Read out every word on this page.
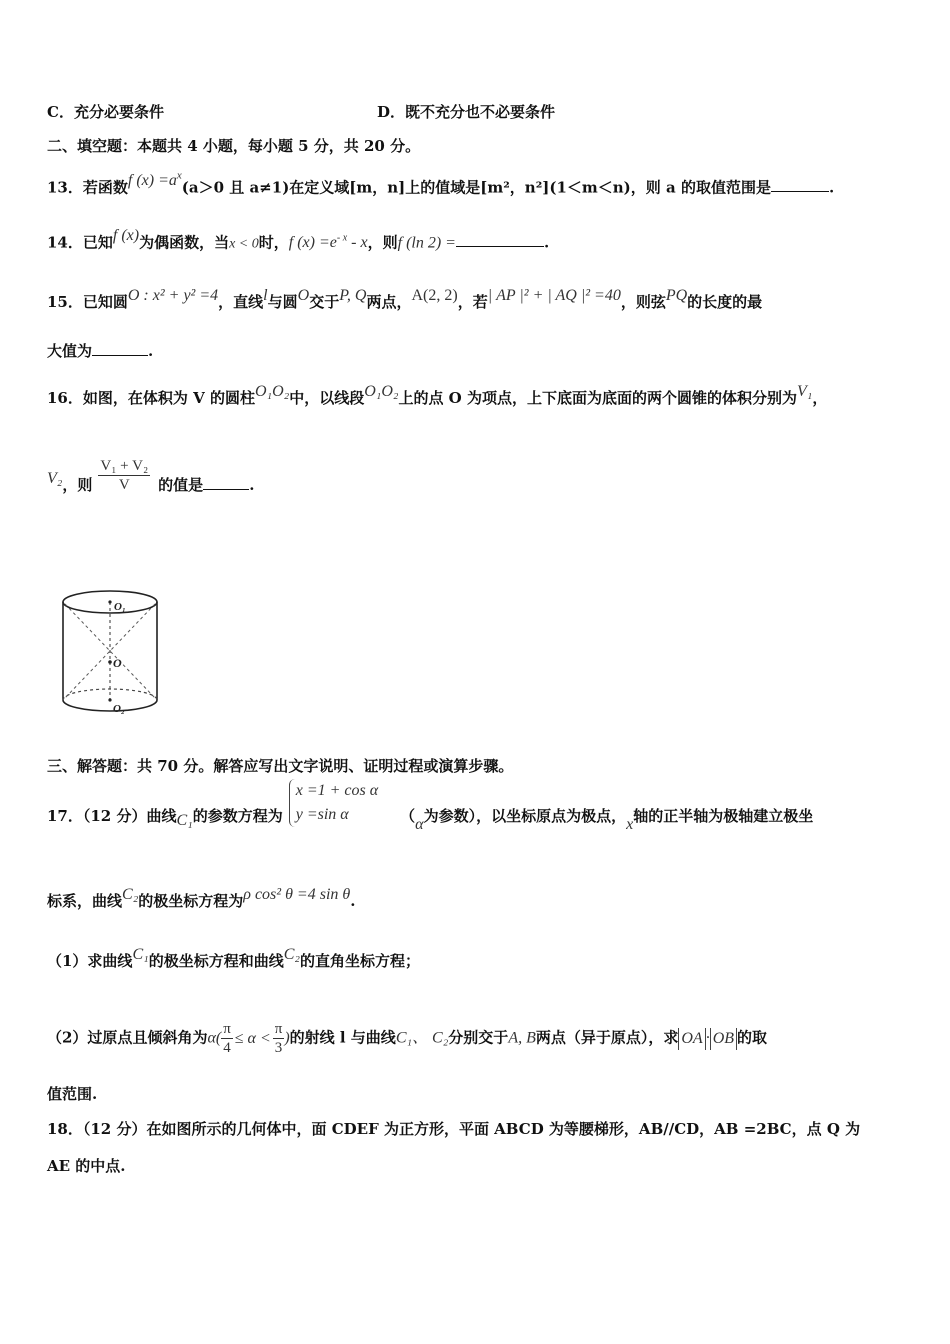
C．充分必要条件	D．既不充分也不必要条件
二、填空题：本题共 4 小题，每小题 5 分，共 20 分。
13．若函数f $(x) =a^x(a>0$ 且 a≠1)在定义域[m，n]上的值域是[m²，n²](1＜m＜n)，则 a 的取值范围是	.
14．已知f (x)为偶函数，当x < 0时，f $(x) =e^{- x} - x$，则f (ln 2) =	.
15．已知圆O : x² + y² =4，直线l与圆O交于P, Q两点，A(2, 2)，若| AP |² + | AQ |² =40，则弦PQ的长度的最
大值为	.
16．如图，在体积为 V 的圆柱O₁O₂中，以线段O₁O₂上的点 O 为项点，上下底面为底面的两个圆锥的体积分别为V₁，
V₂，则 $\frac{\text{V₁ + V₂}}{V}$ 的值是	.
O₁
O
O₂
三、解答题：共 70 分。解答应写出文字说明、证明过程或演算步骤。
17．（12 分）曲线C₁的参数方程为
x =1 + cos α
y =sin α	（α为参数），以坐标原点为极点，x轴的正半轴为极轴建立极坐
标系，曲线C₂的极坐标方程为ρ cos² θ =4 sin θ.
（1）求曲线C₁的极坐标方程和曲线C₂的直角坐标方程；
（2）过原点且倾斜角为$\alpha( \frac{\pi}{4} \le \alpha < \frac{\pi}{3}$ )的射线 l 与曲线C₁、 C₂分别交于A, B两点（异于原点），求 OA · OB 的取
值范围.
18．（12 分）在如图所示的几何体中，面 CDEF 为正方形，平面 ABCD 为等腰梯形，AB//CD，AB =2BC，点 Q 为
AE 的中点.
